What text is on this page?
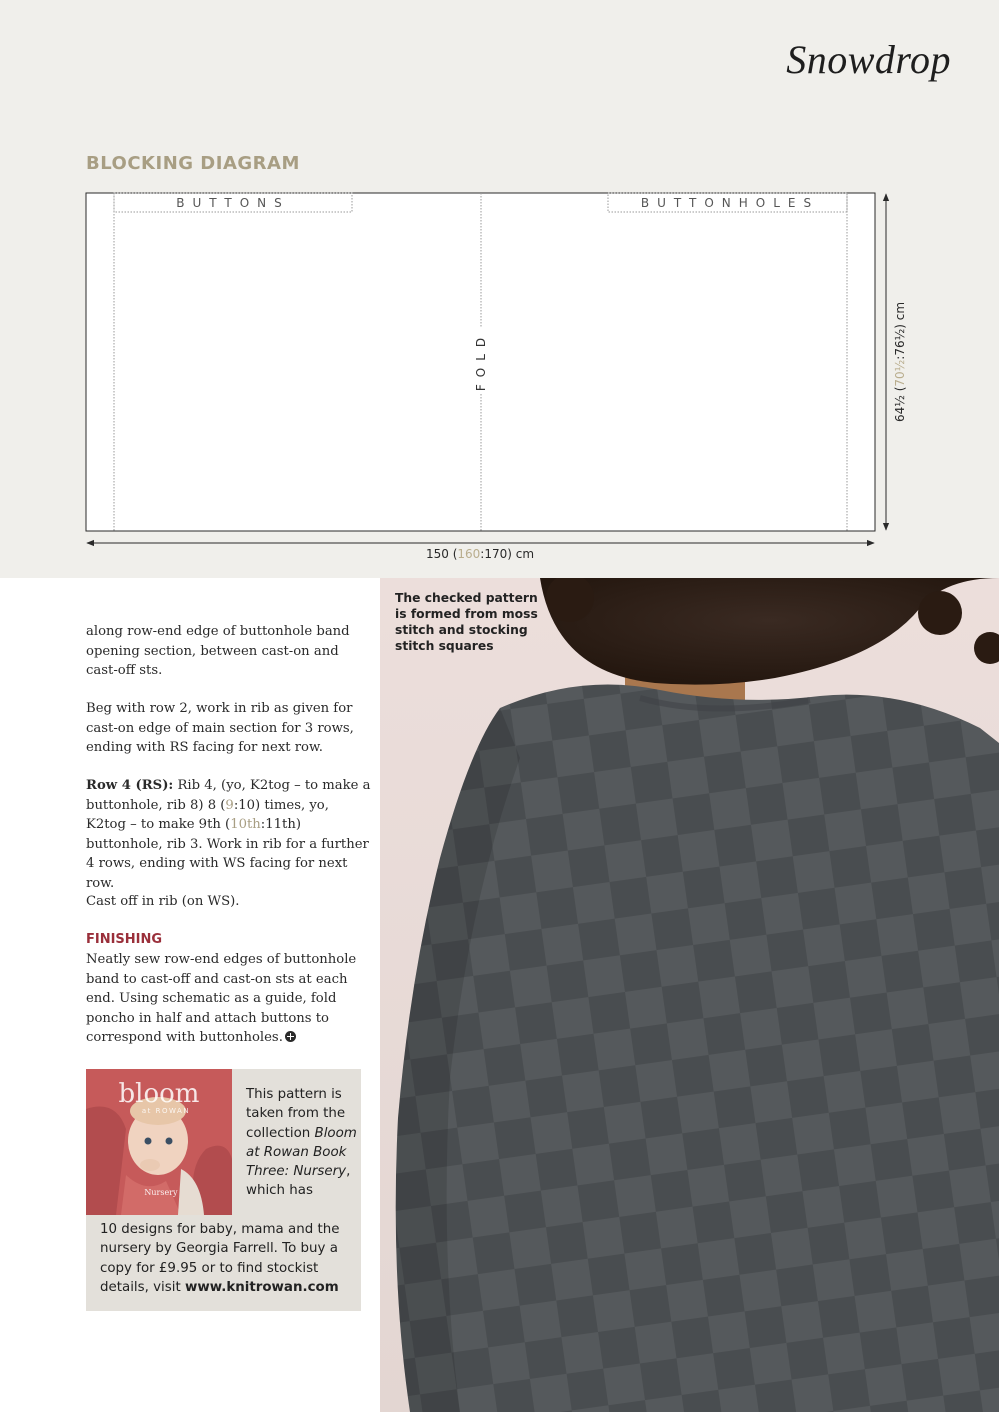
Snowdrop
BLOCKING DIAGRAM
BUTTONS	BUTTONHOLES
FOLD
150 (160:170) cm
64½ (70½:76½) cm

along row-end edge of buttonhole band opening section, between cast-on and cast-off sts.

Beg with row 2, work in rib as given for cast-on edge of main section for 3 rows, ending with RS facing for next row.

Row 4 (RS): Rib 4, (yo, K2tog – to make a buttonhole, rib 8) 8 (9:10) times, yo, K2tog – to make 9th (10th:11th) buttonhole, rib 3. Work in rib for a further 4 rows, ending with WS facing for next row.

Cast off in rib (on WS).

FINISHING

Neatly sew row-end edges of buttonhole band to cast-off and cast-on sts at each end. Using schematic as a guide, fold poncho in half and attach buttons to correspond with buttonholes.

bloom
at ROWAN
Nursery
This pattern is taken from the collection Bloom at Rowan Book Three: Nursery, which has
10 designs for baby, mama and the nursery by Georgia Farrell. To buy a copy for £9.95 or to find stockist details, visit www.knitrowan.com
The checked pattern is formed from moss stitch and stocking stitch squares
